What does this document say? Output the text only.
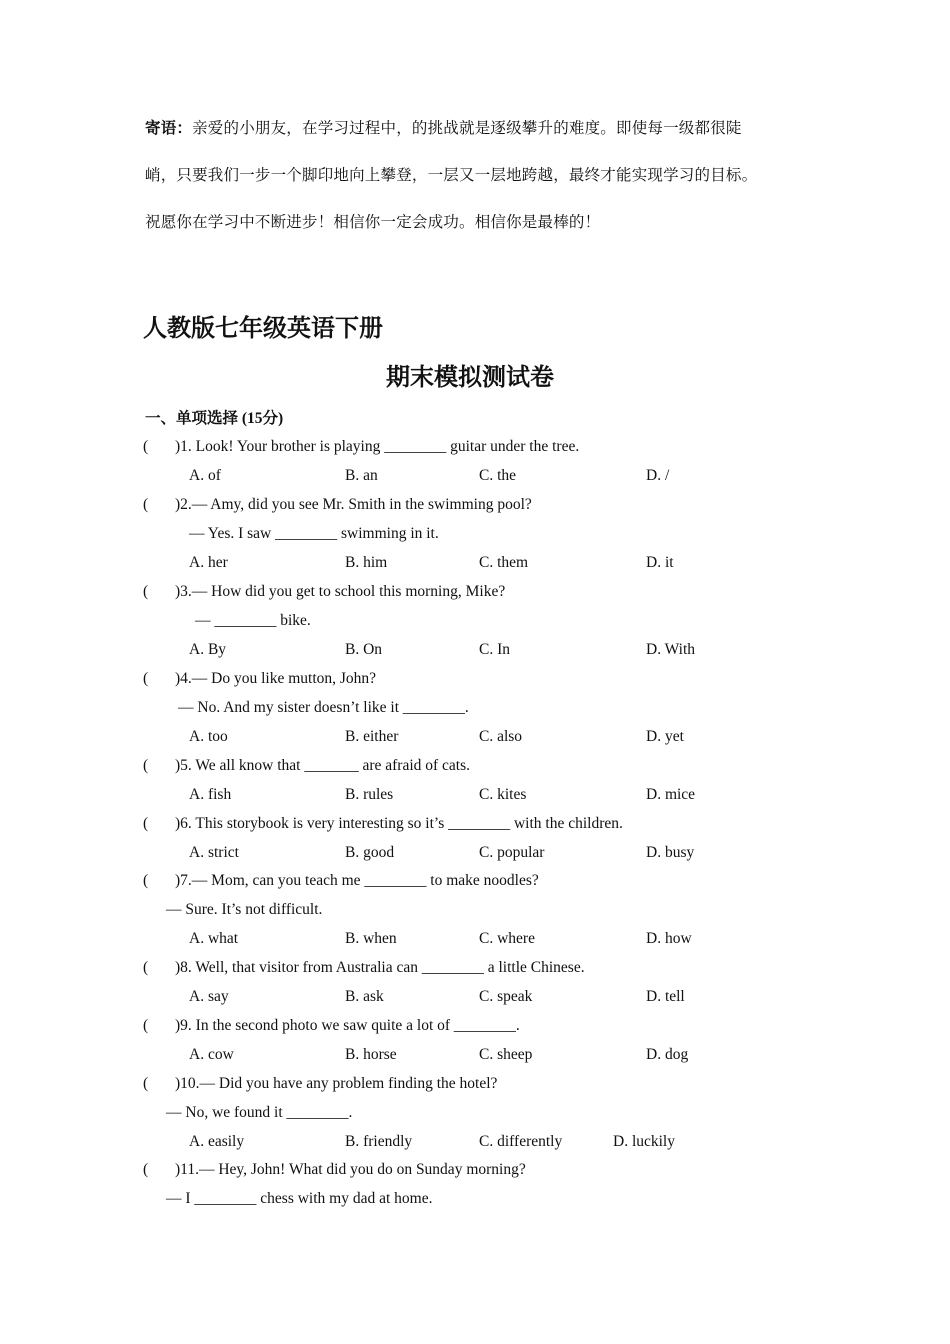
寄语：亲爱的小朋友，在学习过程中，的挑战就是逐级攀升的难度。即使每一级都很陡
峭，只要我们一步一个脚印地向上攀登，一层又一层地跨越，最终才能实现学习的目标。
祝愿你在学习中不断进步！相信你一定会成功。相信你是最棒的！
人教版七年级英语下册
期末模拟测试卷
一、单项选择 (15分)
( )1. Look! Your brother is playing ________ guitar under the tree.
A. of	B. an	C. the	D. /
( )2.— Amy, did you see Mr. Smith in the swimming pool?
— Yes. I saw ________ swimming in it.
A. her	B. him	C. them	D. it
( )3.— How did you get to school this morning, Mike?
— ________ bike.
A. By	B. On	C. In	D. With
( )4.— Do you like mutton, John?
— No. And my sister doesn’t like it ________.
A. too	B. either	C. also	D. yet
( )5. We all know that _______ are afraid of cats.
A. fish	B. rules	C. kites	D. mice
( )6. This storybook is very interesting so it’s ________ with the children.
A. strict	B. good	C. popular	D. busy
( )7.— Mom, can you teach me ________ to make noodles?
— Sure. It’s not difficult.
A. what	B. when	C. where	D. how
( )8. Well, that visitor from Australia can ________ a little Chinese.
A. say	B. ask	C. speak	D. tell
( )9. In the second photo we saw quite a lot of ________.
A. cow	B. horse	C. sheep	D. dog
( )10.— Did you have any problem finding the hotel?
— No, we found it ________.
A. easily	B. friendly	C. differently	D. luckily
( )11.— Hey, John! What did you do on Sunday morning?
— I ________ chess with my dad at home.
